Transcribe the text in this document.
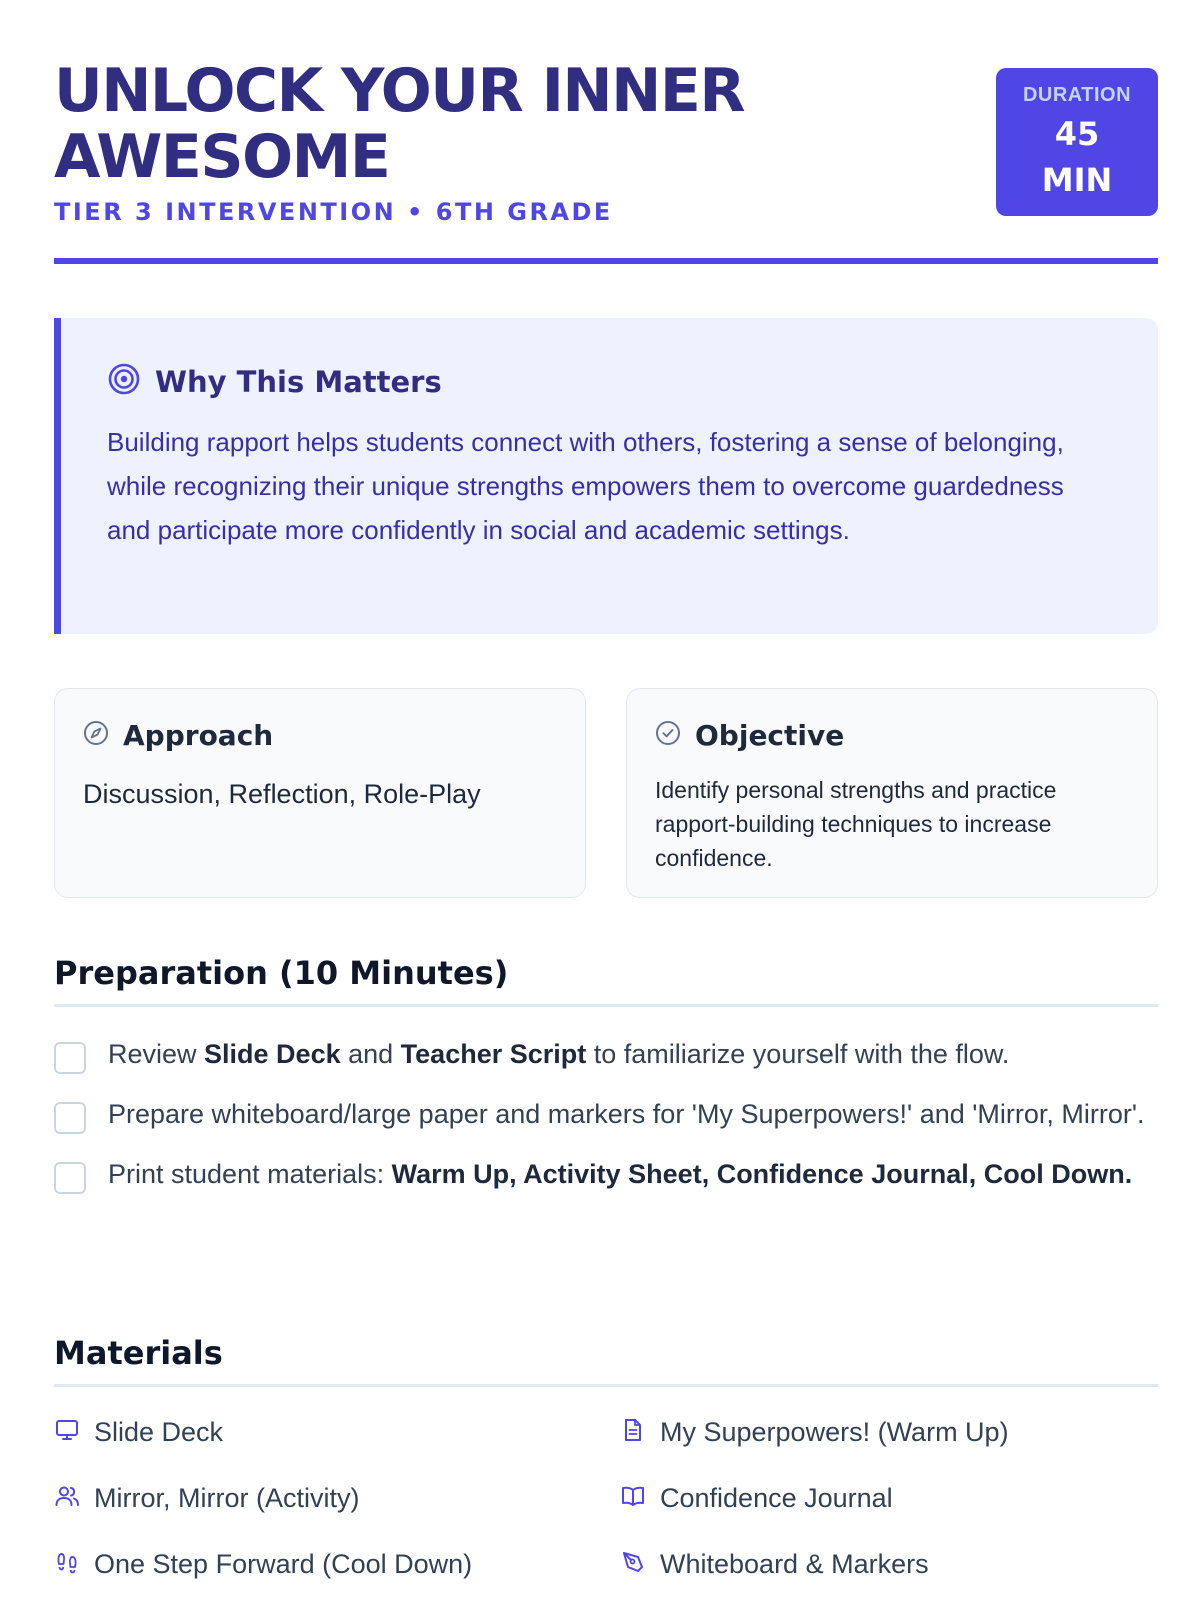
UNLOCK YOUR INNER AWESOME
TIER 3 INTERVENTION • 6TH GRADE
DURATION
45
MIN
Why This Matters

Building rapport helps students connect with others, fostering a sense of belonging, while recognizing their unique strengths empowers them to overcome guardedness and participate more confidently in social and academic settings.

Approach

Discussion, Reflection, Role-Play

Objective

Identify personal strengths and practice rapport-building techniques to increase confidence.

Preparation (10 Minutes)
Review Slide Deck and Teacher Script to familiarize yourself with the flow.
Prepare whiteboard/large paper and markers for 'My Superpowers!' and 'Mirror, Mirror'.
Print student materials: Warm Up, Activity Sheet, Confidence Journal, Cool Down.
Materials
Slide Deck	My Superpowers! (Warm Up)
Mirror, Mirror (Activity)	Confidence Journal
One Step Forward (Cool Down)	Whiteboard & Markers
